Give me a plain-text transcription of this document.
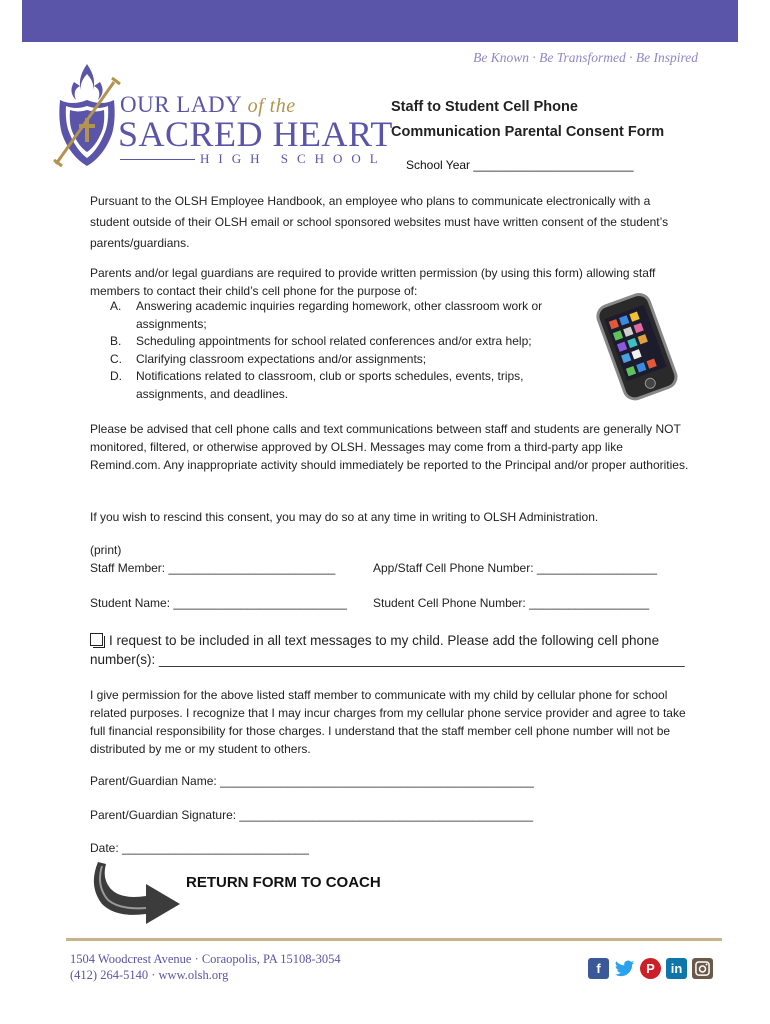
Be Known · Be Transformed · Be Inspired
OUR LADY of the
SACRED HEART
HIGH SCHOOL
Staff to Student Cell Phone
Communication Parental Consent Form
School Year ________________________
Pursuant to the OLSH Employee Handbook, an employee who plans to communicate electronically with a student outside of their OLSH email or school sponsored websites must have written consent of the student’s parents/guardians.
Parents and/or legal guardians are required to provide written permission (by using this form) allowing staff members to contact their child’s cell phone for the purpose of:
A.	Answering academic inquiries regarding homework, other classroom work or assignments;
B.	Scheduling appointments for school related conferences and/or extra help;
C.	Clarifying classroom expectations and/or assignments;
D.	Notifications related to classroom, club or sports schedules, events, trips, assignments, and deadlines.
Please be advised that cell phone calls and text communications between staff and students are generally NOT monitored, filtered, or otherwise approved by OLSH. Messages may come from a third-party app like Remind.com. Any inappropriate activity should immediately be reported to the Principal and/or proper authorities.
If you wish to rescind this consent, you may do so at any time in writing to OLSH Administration.
(print)
Staff Member: _________________________	App/Staff Cell Phone Number: __________________
Student Name: __________________________ Student Cell Phone Number: __________________
I request to be included in all text messages to my child. Please add the following cell phone number(s): ______________________________________________________________________
I give permission for the above listed staff member to communicate with my child by cellular phone for school related purposes. I recognize that I may incur charges from my cellular phone service provider and agree to take full financial responsibility for those charges. I understand that the staff member cell phone number will not be distributed by me or my student to others.
Parent/Guardian Name: _______________________________________________
Parent/Guardian Signature: ____________________________________________
Date: ____________________________
RETURN FORM TO COACH
1504 Woodcrest Avenue · Coraopolis, PA 15108-3054
(412) 264-5140 · www.olsh.org	f	P	in
